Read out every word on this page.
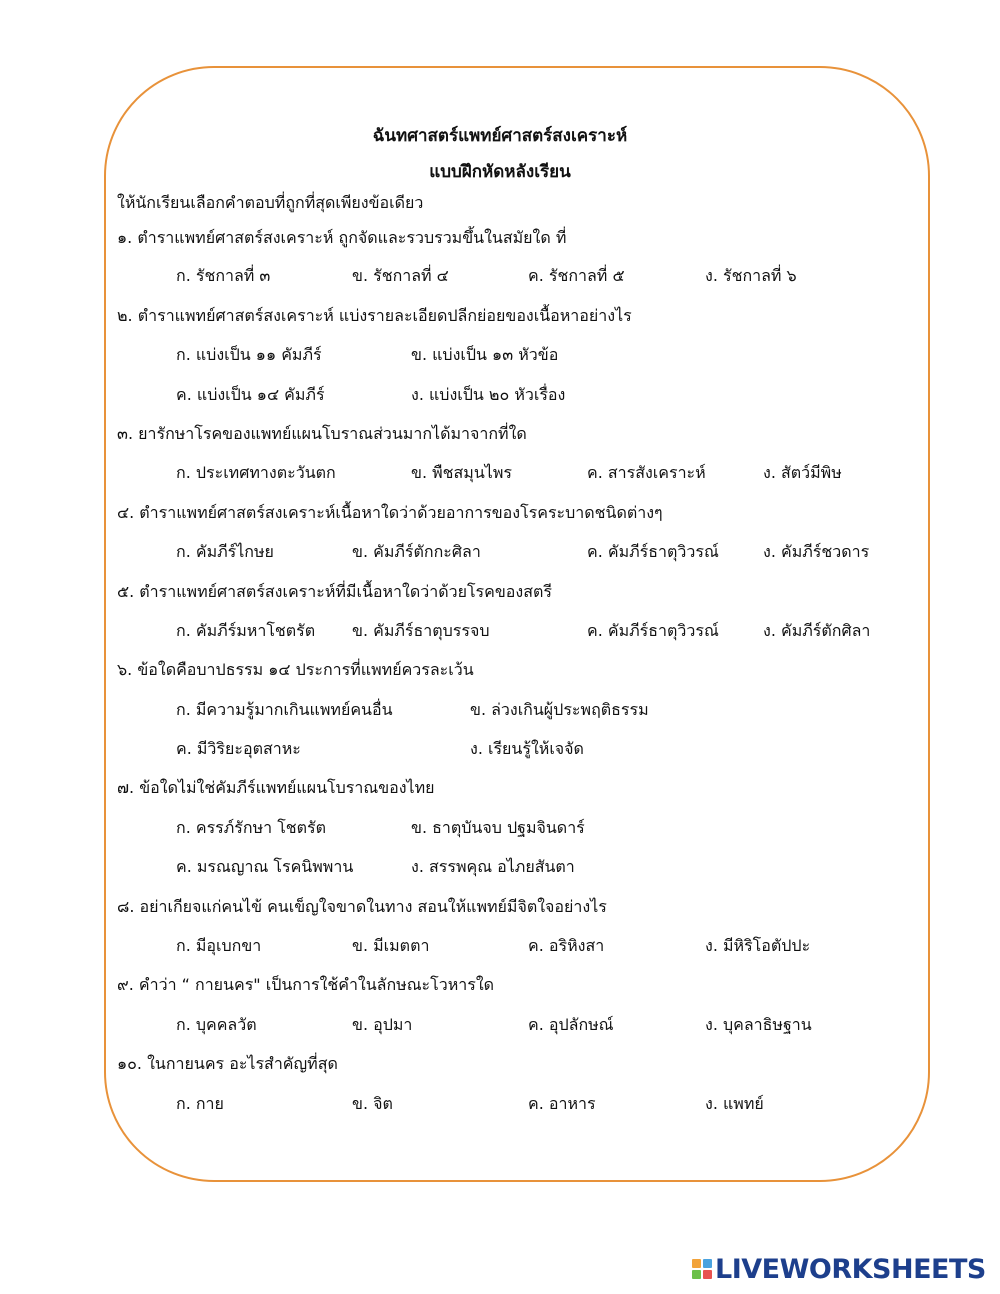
ฉันทศาสตร์แพทย์ศาสตร์สงเคราะห์
แบบฝึกหัดหลังเรียน
ให้นักเรียนเลือกคำตอบที่ถูกที่สุดเพียงข้อเดียว
๑. ตำราแพทย์ศาสตร์สงเคราะห์ ถูกจัดและรวบรวมขึ้นในสมัยใด ที่
ก. รัชกาลที่ ๓	ข. รัชกาลที่ ๔	ค. รัชกาลที่ ๕	ง. รัชกาลที่ ๖
๒. ตำราแพทย์ศาสตร์สงเคราะห์ แบ่งรายละเอียดปลีกย่อยของเนื้อหาอย่างไร
ก. แบ่งเป็น ๑๑ คัมภีร์	ข. แบ่งเป็น ๑๓ หัวข้อ
ค. แบ่งเป็น ๑๔ คัมภีร์	ง. แบ่งเป็น ๒๐ หัวเรื่อง
๓. ยารักษาโรคของแพทย์แผนโบราณส่วนมากได้มาจากที่ใด
ก. ประเทศทางตะวันตก	ข. พืชสมุนไพร	ค. สารสังเคราะห์	ง. สัตว์มีพิษ
๔. ตำราแพทย์ศาสตร์สงเคราะห์เนื้อหาใดว่าด้วยอาการของโรคระบาดชนิดต่างๆ
ก. คัมภีร์ไกษย	ข. คัมภีร์ตักกะศิลา	ค. คัมภีร์ธาตุวิวรณ์	ง. คัมภีร์ชวดาร
๕. ตำราแพทย์ศาสตร์สงเคราะห์ที่มีเนื้อหาใดว่าด้วยโรคของสตรี
ก. คัมภีร์มหาโชตรัต ข. คัมภีร์ธาตุบรรจบ	ค. คัมภีร์ธาตุวิวรณ์	ง. คัมภีร์ตักศิลา
๖. ข้อใดคือบาปธรรม ๑๔ ประการที่แพทย์ควรละเว้น
ก. มีความรู้มากเกินแพทย์คนอื่น	ข. ล่วงเกินผู้ประพฤติธรรม
ค. มีวิริยะอุตสาหะ	ง. เรียนรู้ให้เจจัด
๗. ข้อใดไม่ใช่คัมภีร์แพทย์แผนโบราณของไทย
ก. ครรภ์รักษา โชตรัต	ข. ธาตุบันจบ ปฐมจินดาร์
ค. มรณญาณ โรคนิพพาน	ง. สรรพคุณ อไภยสันตา
๘. อย่าเกียจแก่คนไข้ คนเข็ญใจขาดในทาง สอนให้แพทย์มีจิตใจอย่างไร
ก. มีอุเบกขา	ข. มีเมตตา	ค. อริหิงสา	ง. มีหิริโอตัปปะ
๙. คำว่า “ กายนคร" เป็นการใช้คำในลักษณะโวหารใด
ก. บุคคลวัต	ข. อุปมา	ค. อุปลักษณ์	ง. บุคลาธิษฐาน
๑๐. ในกายนคร อะไรสำคัญที่สุด
ก. กาย	ข. จิต	ค. อาหาร	ง. แพทย์
LIVEWORKSHEETS
